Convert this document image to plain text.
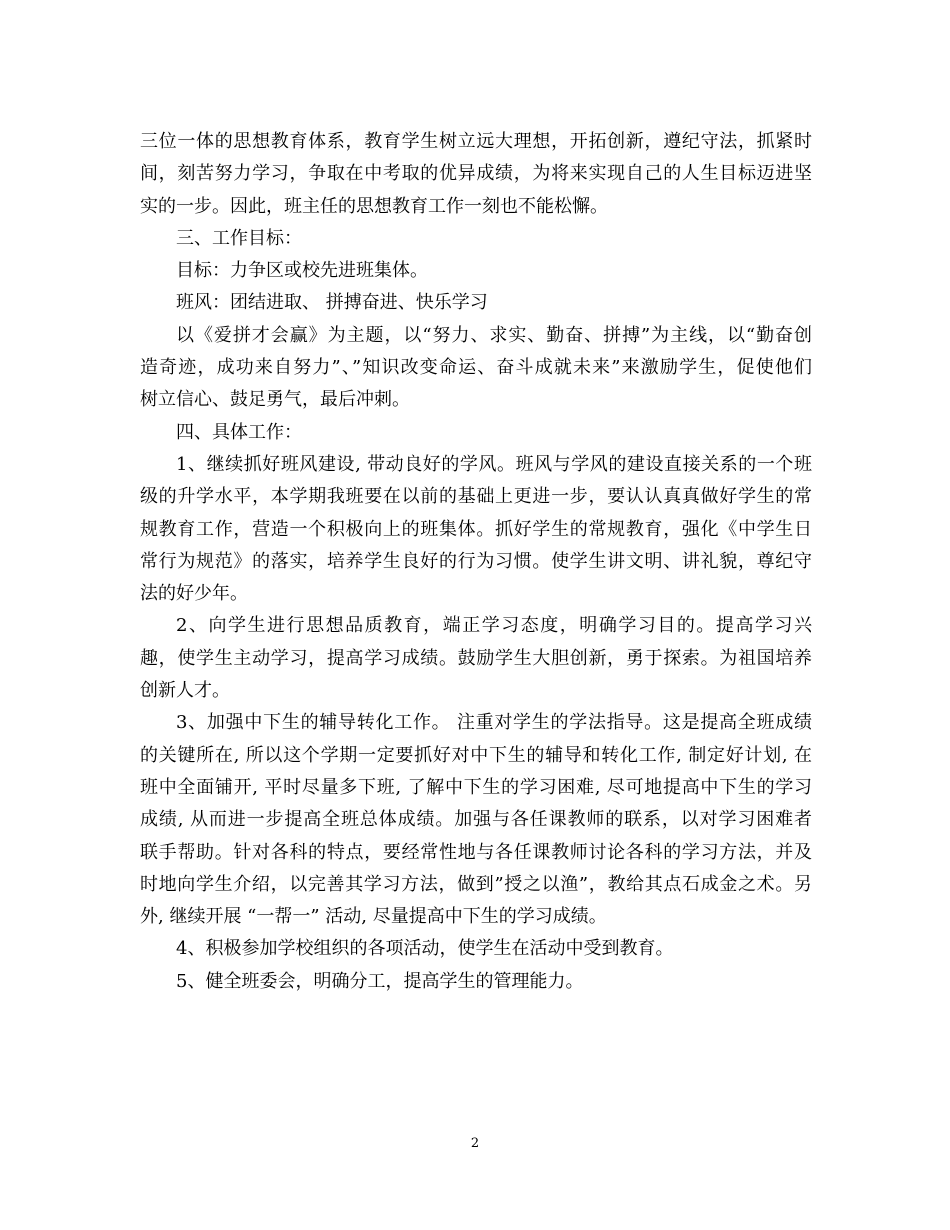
三位一体的思想教育体系，教育学生树立远大理想，开拓创新，遵纪守法，抓紧时
间，刻苦努力学习，争取在中考取的优异成绩，为将来实现自己的人生目标迈进坚
实的一步。因此，班主任的思想教育工作一刻也不能松懈。
三、工作目标：
目标：力争区或校先进班集体。
班风：团结进取、 拼搏奋进、快乐学习
以《爱拼才会赢》为主题，以“努力、求实、勤奋、拼搏”为主线，以“勤奋创
造奇迹，成功来自努力”、”知识改变命运、奋斗成就未来”来激励学生，促使他们
树立信心、鼓足勇气，最后冲刺。
四、具体工作：
1、继续抓好班风建设, 带动良好的学风。班风与学风的建设直接关系的一个班
级的升学水平，本学期我班要在以前的基础上更进一步，要认认真真做好学生的常
规教育工作，营造一个积极向上的班集体。抓好学生的常规教育，强化《中学生日
常行为规范》的落实，培养学生良好的行为习惯。使学生讲文明、讲礼貌，尊纪守
法的好少年。
2、向学生进行思想品质教育，端正学习态度，明确学习目的。提高学习兴
趣，使学生主动学习，提高学习成绩。鼓励学生大胆创新，勇于探索。为祖国培养
创新人才。
3、加强中下生的辅导转化工作。 注重对学生的学法指导。这是提高全班成绩
的关键所在, 所以这个学期一定要抓好对中下生的辅导和转化工作, 制定好计划, 在
班中全面铺开, 平时尽量多下班, 了解中下生的学习困难, 尽可地提高中下生的学习
成绩, 从而进一步提高全班总体成绩。加强与各任课教师的联系，以对学习困难者
联手帮助。针对各科的特点，要经常性地与各任课教师讨论各科的学习方法，并及
时地向学生介绍，以完善其学习方法，做到”授之以渔”，教给其点石成金之术。另
外, 继续开展 “一帮一” 活动, 尽量提高中下生的学习成绩。
4、积极参加学校组织的各项活动，使学生在活动中受到教育。
5、健全班委会，明确分工，提高学生的管理能力。
2
